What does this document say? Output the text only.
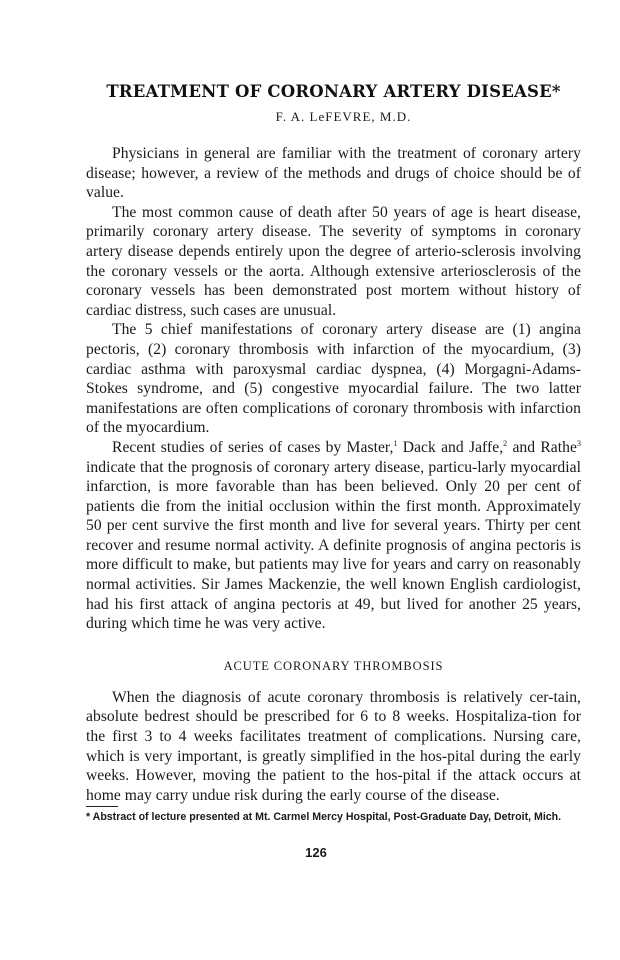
TREATMENT OF CORONARY ARTERY DISEASE*
F. A. LeFEVRE, M.D.

Physicians in general are familiar with the treatment of coronary artery disease; however, a review of the methods and drugs of choice should be of value.

The most common cause of death after 50 years of age is heart disease, primarily coronary artery disease. The severity of symptoms in coronary artery disease depends entirely upon the degree of arterio-sclerosis involving the coronary vessels or the aorta. Although extensive arteriosclerosis of the coronary vessels has been demonstrated post mortem without history of cardiac distress, such cases are unusual.

The 5 chief manifestations of coronary artery disease are (1) angina pectoris, (2) coronary thrombosis with infarction of the myocardium, (3) cardiac asthma with paroxysmal cardiac dyspnea, (4) Morgagni-Adams-Stokes syndrome, and (5) congestive myocardial failure. The two latter manifestations are often complications of coronary thrombosis with infarction of the myocardium.

Recent studies of series of cases by Master,$^1$ Dack and Jaffe,$^2$ and Rathe$^3$ indicate that the prognosis of coronary artery disease, particu-larly myocardial infarction, is more favorable than has been believed. Only 20 per cent of patients die from the initial occlusion within the first month. Approximately 50 per cent survive the first month and live for several years. Thirty per cent recover and resume normal activity. A definite prognosis of angina pectoris is more difficult to make, but patients may live for years and carry on reasonably normal activities. Sir James Mackenzie, the well known English cardiologist, had his first attack of angina pectoris at 49, but lived for another 25 years, during which time he was very active.

ACUTE CORONARY THROMBOSIS

When the diagnosis of acute coronary thrombosis is relatively cer-tain, absolute bedrest should be prescribed for 6 to 8 weeks. Hospitaliza-tion for the first 3 to 4 weeks facilitates treatment of complications. Nursing care, which is very important, is greatly simplified in the hos-pital during the early weeks. However, moving the patient to the hos-pital if the attack occurs at home may carry undue risk during the early course of the disease.

* Abstract of lecture presented at Mt. Carmel Mercy Hospital, Post-Graduate Day, Detroit, Mich.

126
